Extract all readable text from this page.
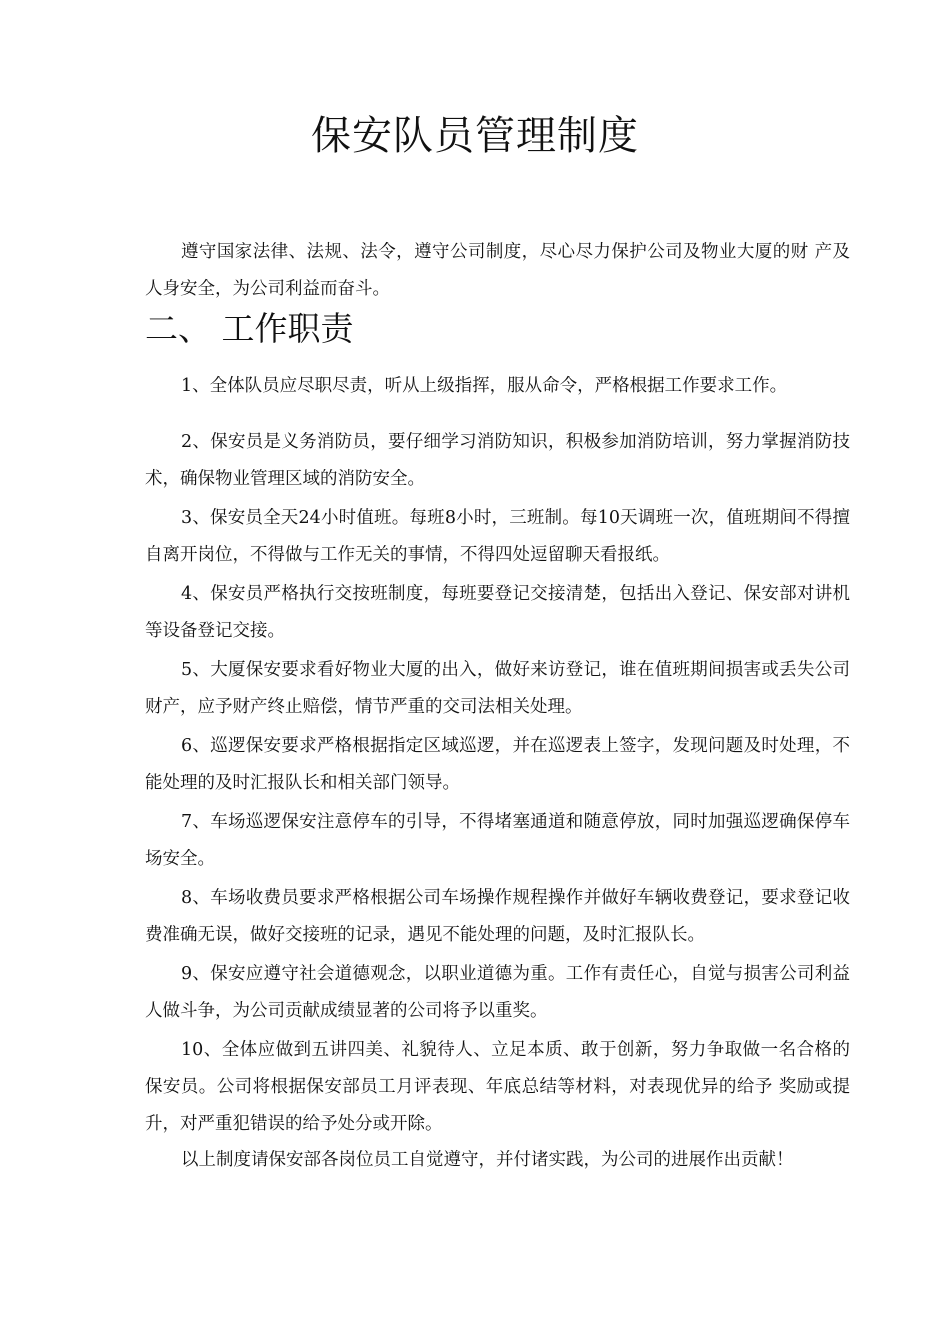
保安队员管理制度

遵守国家法律、法规、法令，遵守公司制度，尽心尽力保护公司及物业大厦的财 产及人身安全，为公司利益而奋斗。

二、 工作职责

1、全体队员应尽职尽责，听从上级指挥，服从命令，严格根据工作要求工作。

2、保安员是义务消防员，要仔细学习消防知识，积极参加消防培训，努力掌握消防技术，确保物业管理区域的消防安全。

3、保安员全天24小时值班。每班8小时，三班制。每10天调班一次，值班期间不得擅自离开岗位，不得做与工作无关的事情，不得四处逗留聊天看报纸。

4、保安员严格执行交按班制度，每班要登记交接清楚，包括出入登记、保安部对讲机等设备登记交接。

5、大厦保安要求看好物业大厦的出入，做好来访登记，谁在值班期间损害或丢失公司财产，应予财产终止赔偿，情节严重的交司法相关处理。

6、巡逻保安要求严格根据指定区域巡逻，并在巡逻表上签字，发现问题及时处理，不能处理的及时汇报队长和相关部门领导。

7、车场巡逻保安注意停车的引导，不得堵塞通道和随意停放，同时加强巡逻确保停车场安全。

8、车场收费员要求严格根据公司车场操作规程操作并做好车辆收费登记，要求登记收费准确无误，做好交接班的记录，遇见不能处理的问题，及时汇报队长。

9、保安应遵守社会道德观念，以职业道德为重。工作有责任心，自觉与损害公司利益人做斗争，为公司贡献成绩显著的公司将予以重奖。

10、全体应做到五讲四美、礼貌待人、立足本质、敢于创新，努力争取做一名合格的保安员。公司将根据保安部员工月评表现、年底总结等材料，对表现优异的给予 奖励或提升，对严重犯错误的给予处分或开除。

以上制度请保安部各岗位员工自觉遵守，并付诸实践，为公司的进展作出贡献！
